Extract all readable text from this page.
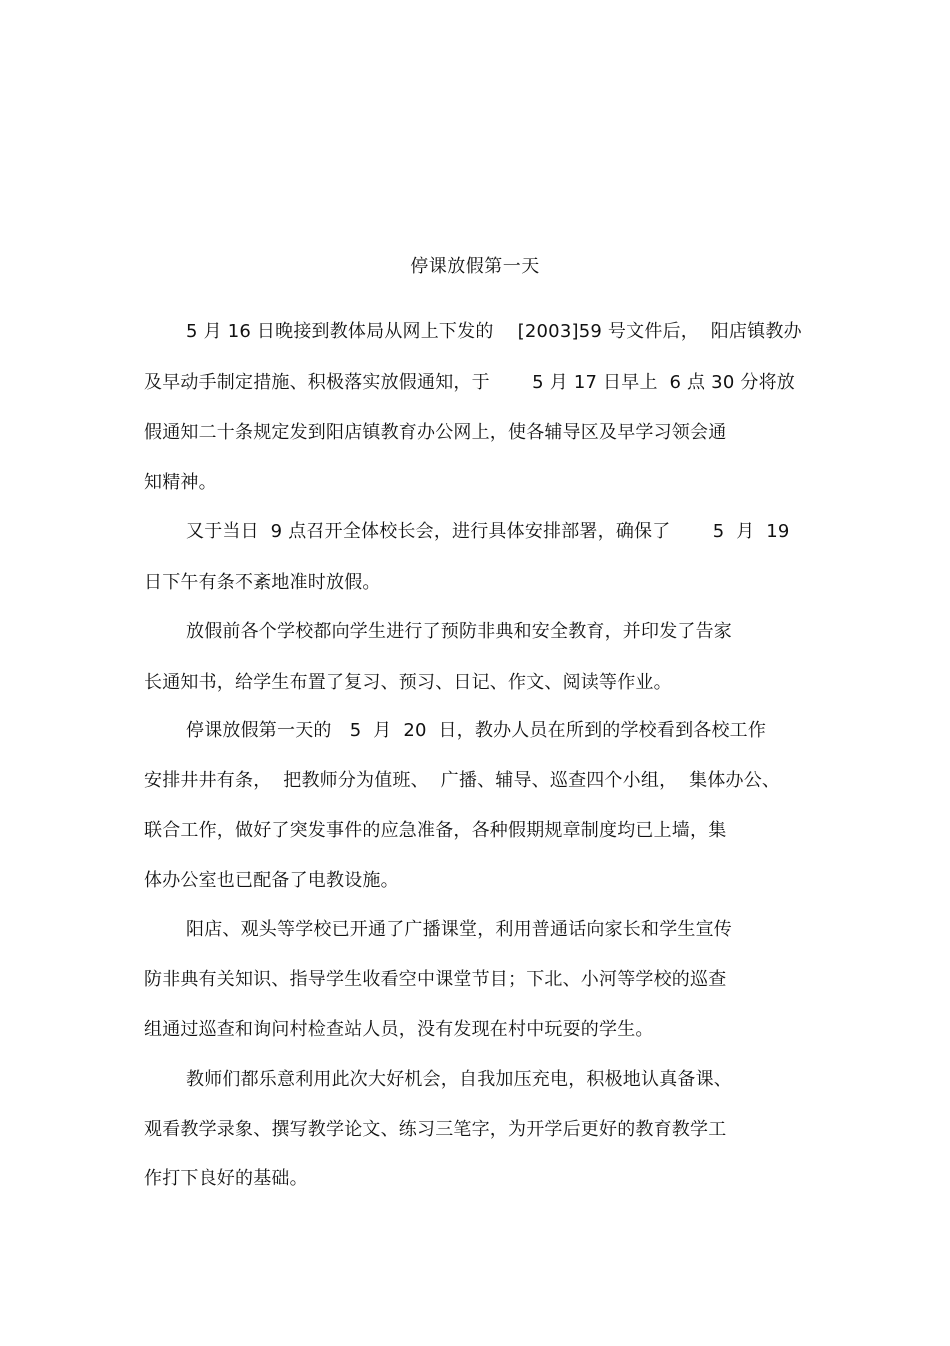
停课放假第一天
5 月 16 日晚接到教体局从网上下发的　 [2003]59 号文件后，  阳店镇教办
及早动手制定措施、积极落实放假通知，于　　 5 月 17 日早上  6 点 30 分将放
假通知二十条规定发到阳店镇教育办公网上，使各辅导区及早学习领会通
知精神。
又于当日  9 点召开全体校长会，进行具体安排部署，确保了　　 5  月  19
日下午有条不紊地准时放假。
放假前各个学校都向学生进行了预防非典和安全教育，并印发了告家
长通知书，给学生布置了复习、预习、日记、作文、阅读等作业。
停课放假第一天的　5  月  20  日，教办人员在所到的学校看到各校工作
安排井井有条，  把教师分为值班、  广播、辅导、巡查四个小组，  集体办公、
联合工作，做好了突发事件的应急准备，各种假期规章制度均已上墙，集
体办公室也已配备了电教设施。
阳店、观头等学校已开通了广播课堂，利用普通话向家长和学生宣传
防非典有关知识、指导学生收看空中课堂节目；下北、小河等学校的巡查
组通过巡查和询问村检查站人员，没有发现在村中玩耍的学生。
教师们都乐意利用此次大好机会，自我加压充电，积极地认真备课、
观看教学录象、撰写教学论文、练习三笔字，为开学后更好的教育教学工
作打下良好的基础。
